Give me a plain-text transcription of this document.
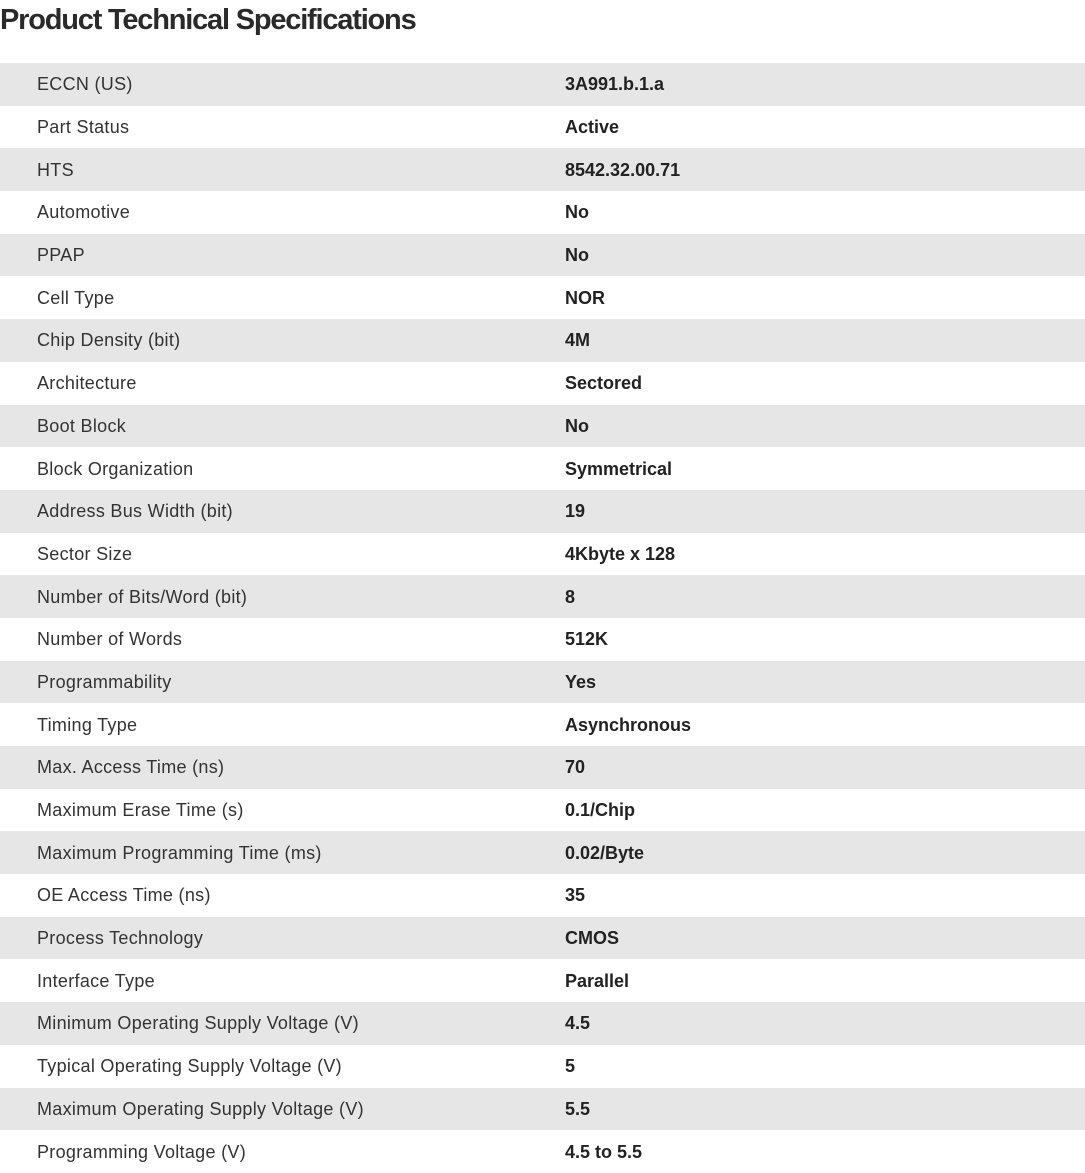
Product Technical Specifications
ECCN (US)	3A991.b.1.a
Part Status	Active
HTS	8542.32.00.71
Automotive	No
PPAP	No
Cell Type	NOR
Chip Density (bit)	4M
Architecture	Sectored
Boot Block	No
Block Organization	Symmetrical
Address Bus Width (bit)	19
Sector Size	4Kbyte x 128
Number of Bits/Word (bit)	8
Number of Words	512K
Programmability	Yes
Timing Type	Asynchronous
Max. Access Time (ns)	70
Maximum Erase Time (s)	0.1/Chip
Maximum Programming Time (ms)	0.02/Byte
OE Access Time (ns)	35
Process Technology	CMOS
Interface Type	Parallel
Minimum Operating Supply Voltage (V)	4.5
Typical Operating Supply Voltage (V)	5
Maximum Operating Supply Voltage (V)	5.5
Programming Voltage (V)	4.5 to 5.5
